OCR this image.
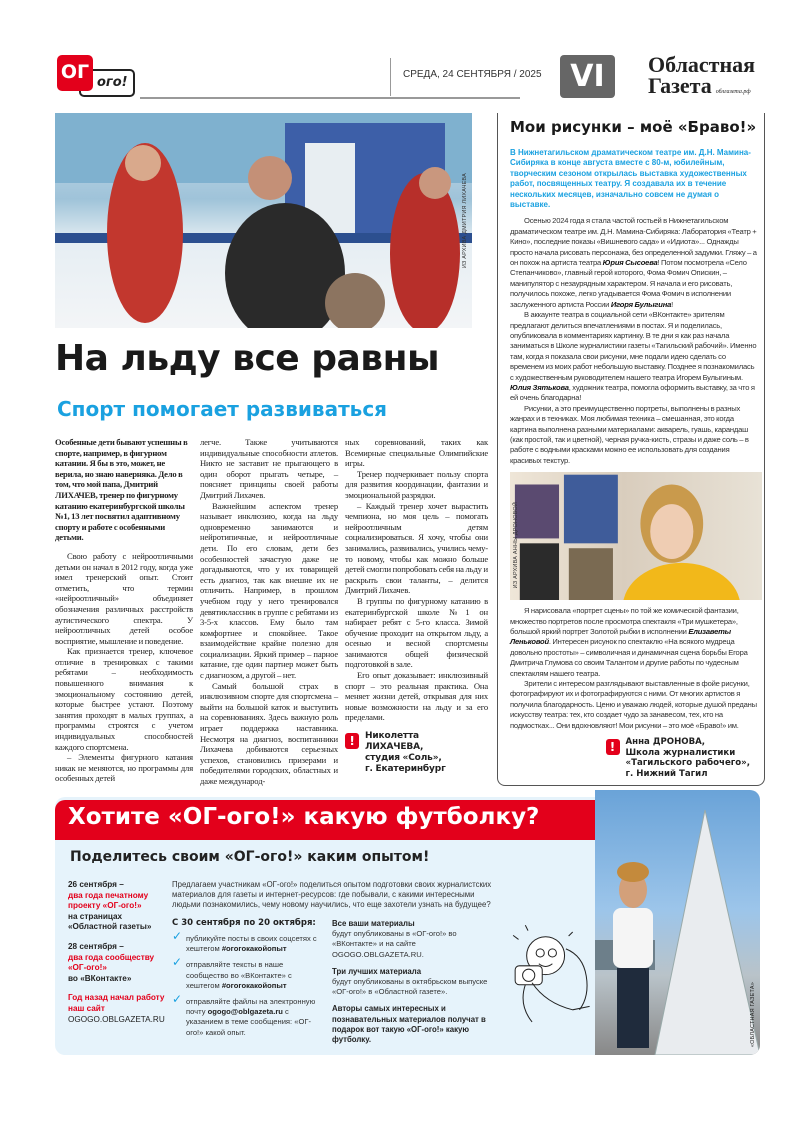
ого!
ОГ	СРЕДА, 24 СЕНТЯБРЯ / 2025 VI	Областная
Газета облгазета.рф
ИЗ АРХИВА ДМИТРИЯ ЛИХАЧЕВА
На льду все равны
Спорт помогает развиваться

Особенные дети бывают успешны в спорте, например, в фигурном катании. Я бы в это, может, не верила, но знаю наверняка. Дело в том, что мой папа, Дмитрий ЛИХАЧЕВ, тренер по фигурному катанию екатеринбургской школы №1, 13 лет посвятил адаптивному спорту и работе с особенными детьми.

Свою работу с нейроотличными детьми он начал в 2012 году, когда уже имел тренерский опыт. Стоит отметить, что термин «нейроотличный» объединяет обозначения различных расстройств аутистического спектра. У нейроотличных детей особое восприятие, мышление и поведение.

Как признается тренер, ключевое отличие в тренировках с такими ребятами – необходимость повышенного внимания к эмоциональному состоянию детей, которые быстрее устают. Поэтому занятия проходят в малых группах, а программы строятся с учетом индивидуальных способностей каждого спортсмена.

– Элементы фигурного катания никак не меняются, но программы для особенных детей

легче. Также учитываются индивидуальные способности атлетов. Никто не заставит не прыгающего в один оборот прыгать четыре, – поясняет принципы своей работы Дмитрий Лихачев.

Важнейшим аспектом тренер называет инклюзию, когда на льду одновременно занимаются и нейротипичные, и нейроотличные дети. По его словам, дети без особенностей зачастую даже не догадываются, что у их товарищей есть диагноз, так как внешне их не отличить. Например, в прошлом учебном году у него тренировался девятиклассник в группе с ребятами из 3-5-х классов. Ему было там комфортнее и спокойнее. Такое взаимодействие крайне полезно для социализации. Яркий пример – парное катание, где один партнер может быть с диагнозом, а другой – нет.

Самый большой страх в инклюзивном спорте для спортсмена – выйти на большой каток и выступить на соревнованиях. Здесь важную роль играет поддержка наставника. Несмотря на диагноз, воспитанники Лихачева добиваются серьезных успехов, становились призерами и победителями городских, областных и даже международ-

ных соревнований, таких как Всемирные специальные Олимпийские игры.

Тренер подчеркивает пользу спорта для развития координации, фантазии и эмоциональной разрядки.

– Каждый тренер хочет вырастить чемпиона, но моя цель – помогать нейроотличным детям социализироваться. Я хочу, чтобы они занимались, развивались, учились чему-то новому, чтобы как можно больше детей смогли попробовать себя на льду и раскрыть свои таланты, – делится Дмитрий Лихачев.

В группы по фигурному катанию в екатеринбургской школе №1 он набирает ребят с 5-го класса. Зимой обучение проходит на открытом льду, а осенью и весной спортсмены занимаются общей физической подготовкой в зале.

Его опыт доказывает: инклюзивный спорт – это реальная практика. Она меняет жизни детей, открывая для них новые возможности на льду и за его пределами.

!	Николетта
ЛИХАЧЕВА,
студия «Соль»,
г. Екатеринбург
Мои рисунки – моё «Браво!»

В Нижнетагильском драматическом театре им. Д.Н. Мамина-Сибиряка в конце августа вместе с 80-м, юбилейным, творческим сезоном открылась выставка художественных работ, посвященных театру. Я создавала их в течение нескольких месяцев, изначально совсем не думая о выставке.

Осенью 2024 года я стала частой гостьей в Нижнетагильском драматическом театре им. Д.Н. Мамина-Сибиряка: Лаборатория «Театр + Кино», последние показы «Вишневого сада» и «Идиота»... Однажды просто начала рисовать персонажа, без определенной задумки. Гляжу – а он похож на артиста театра Юрия Сысоева! Потом посмотрела «Село Степанчиково», главный герой которого, Фома Фомич Опискин, – манипулятор с незаурядным характером. Я начала и его рисовать, получилось похоже, легко угадывается Фома Фомич в исполнении заслуженного артиста России Игоря Булыгина!

В аккаунте театра в социальной сети «ВКонтакте» зрителям предлагают делиться впечатлениями в постах. Я и поделилась, опубликовала в комментариях картинку. В те дни я как раз начала заниматься в Школе журналистики газеты «Тагильский рабочий». Именно там, когда я показала свои рисунки, мне подали идею сделать со временем из моих работ небольшую выставку. Позднее я познакомилась с художественным руководителем нашего театра Игорем Булыгиным. Юлия Зятькова, художник театра, помогла оформить выставку, за что я ей очень благодарна!

Рисунки, а это преимущественно портреты, выполнены в разных жанрах и в техниках. Моя любимая техника – смешанная, это когда картина выполнена разными материалами: акварель, гуашь, карандаш (как простой, так и цветной), черная ручка-кисть, стразы и даже соль – в работе с водными красками можно ее использовать для создания красивых текстур.

ИЗ АРХИВА АННЫ ДРОНОВОЙ

Я нарисовала «портрет сцены» по той же комической фантазии, множество портретов после просмотра спектакля «Три мушкетера», большой яркий портрет Золотой рыбки в исполнении Елизаветы Леньковой. Интересен рисунок по спектаклю «На всякого мудреца довольно простоты» – символичная и динамичная сцена борьбы Егора Дмитрича Глумова со своим Талантом и другие работы по чудесным спектаклям нашего театра.

Зрители с интересом разглядывают выставленные в фойе рисунки, фотографируют их и фотографируются с ними. От многих артистов я получила благодарность. Ценю и уважаю людей, которые душой преданы искусству театра: тех, кто создает чудо за занавесом, тех, кто на подмостках... Они вдохновляют! Мои рисунки – это моё «Браво!» им.

!	Анна ДРОНОВА,
Школа журналистики
«Тагильского рабочего»,
г. Нижний Тагил
Хотите «ОГ-ого!» какую футболку?
Поделитесь своим «ОГ-ого!» каким опытом!
26 сентября –
два года печатному проекту «ОГ-ого!»
на страницах «Областной газеты»
28 сентября –
два года сообществу «ОГ-ого!»
во «ВКонтакте»
Год назад начал работу наш сайт
OGOGO.OBLGAZETA.RU

Предлагаем участникам «ОГ-ого!» поделиться опытом подготовки своих журналистских материалов для газеты и интернет-ресурсов: где побывали, с какими интересными людьми познакомились, чему новому научились, что еще захотели узнать на будущее?

С 30 сентября по 20 октября:
✓ публикуйте посты в своих соцсетях с хештегом #огогокакойопыт
✓ отправляйте тексты в наше сообщество во «ВКонтакте» с хештегом #огогокакойопыт
✓ отправляйте файлы на электронную почту ogogo@oblgazeta.ru с указанием в теме сообщения: «ОГ-ого!» какой опыт.
Все ваши материалы
будут опубликованы в «ОГ-ого!» во «ВКонтакте» и на сайте OGOGO.OBLGAZETA.RU.
Три лучших материала
будут опубликованы в октябрьском выпуске «ОГ-ого!» в «Областной газете».
Авторы самых интересных и познавательных материалов получат в подарок вот такую «ОГ-ого!» какую футболку.	«ОБЛАСТНАЯ ГАЗЕТА»
